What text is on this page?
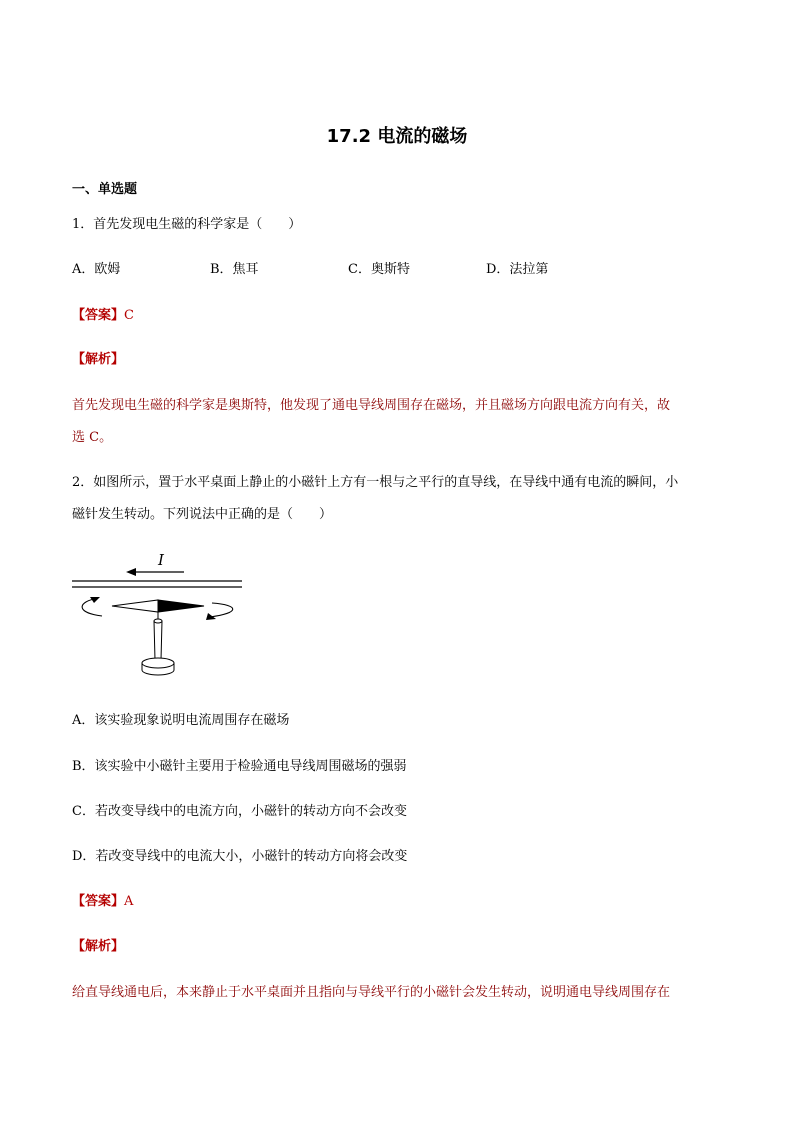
17.2 电流的磁场
一、单选题
1．首先发现电生磁的科学家是（　　）
A．欧姆	B．焦耳	C．奥斯特	D．法拉第
【答案】C
【解析】
首先发现电生磁的科学家是奥斯特，他发现了通电导线周围存在磁场，并且磁场方向跟电流方向有关，故
选 C。
2．如图所示，置于水平桌面上静止的小磁针上方有一根与之平行的直导线，在导线中通有电流的瞬间，小
磁针发生转动。下列说法中正确的是（　　）
I
A．该实验现象说明电流周围存在磁场
B．该实验中小磁针主要用于检验通电导线周围磁场的强弱
C．若改变导线中的电流方向，小磁针的转动方向不会改变
D．若改变导线中的电流大小，小磁针的转动方向将会改变
【答案】A
【解析】
给直导线通电后，本来静止于水平桌面并且指向与导线平行的小磁针会发生转动，说明通电导线周围存在
